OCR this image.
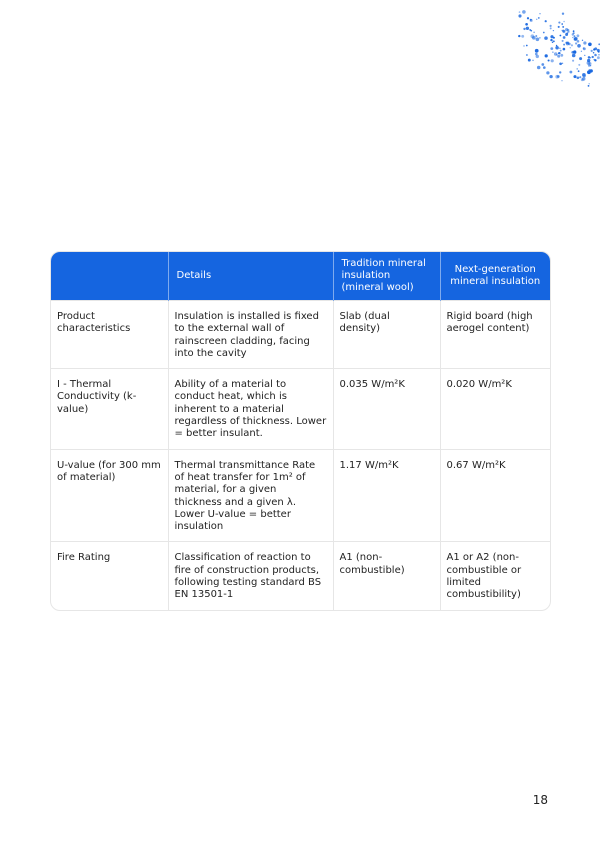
	Details	Tradition mineral insulation (mineral wool)	Next-generation mineral insulation
Product characteristics	Insulation is installed is fixed to the external wall of rainscreen cladding, facing into the cavity	Slab (dual density)	Rigid board (high aerogel content)
I - Thermal Conductivity (k-value)	Ability of a material to conduct heat, which is inherent to a material regardless of thickness. Lower = better insulant.	0.035 W/m²K	0.020 W/m²K
U-value (for 300 mm of material)	Thermal transmittance Rate of heat transfer for 1m² of material, for a given thickness and a given λ. Lower U-value = better insulation	1.17 W/m²K	0.67 W/m²K
Fire Rating	Classification of reaction to fire of construction products, following testing standard BS EN 13501-1	A1 (non-combustible)	A1 or A2 (non-combustible or limited combustibility)
18
